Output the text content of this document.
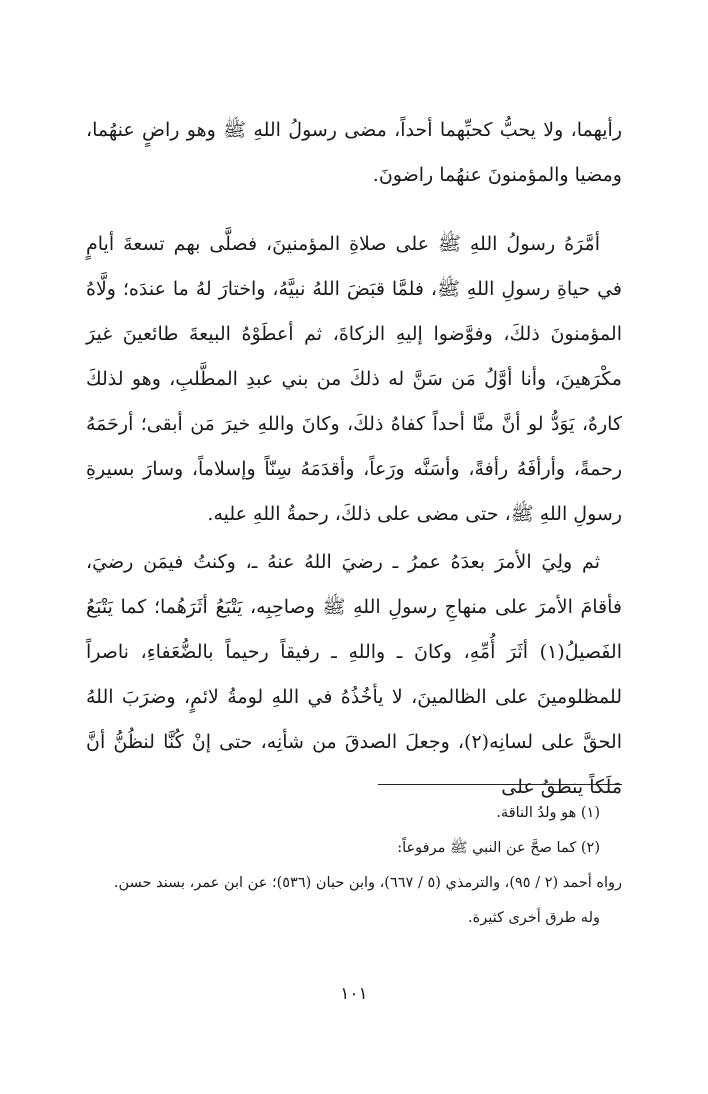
رأيهما، ولا يحبُّ كحبِّهما أحداً، مضى رسولُ اللهِ ﷺ وهو راضٍ عنهُما، ومضيا والمؤمنونَ عنهُما راضونَ.

أمَّرَهُ رسولُ اللهِ ﷺ على صلاةِ المؤمنينَ، فصلَّى بهم تسعةَ أيامٍ في حياةِ رسولِ اللهِ ﷺ، فلمَّا قبَضَ اللهُ نبيَّهُ، واختارَ لهُ ما عندَه؛ ولَّاهُ المؤمنونَ ذلكَ، وفوَّضوا إليهِ الزكاةَ، ثم أعطَوْهُ البيعةَ طائعينَ غيرَ مكْرَهينَ، وأنا أوَّلُ مَن سَنَّ له ذلكَ من بني عبدِ المطَّلبِ، وهو لذلكَ كارهٌ، يَوَدُّ لو أنَّ منَّا أحداً كفاهُ ذلكَ، وكانَ واللهِ خيرَ مَن أبقى؛ أرحَمَهُ رحمةً، وأرأفَهُ رأفةً، وأسَنَّه ورَعاً، وأقدَمَهُ سِنّاً وإسلاماً، وسارَ بسيرةِ رسولِ اللهِ ﷺ، حتى مضى على ذلكَ، رحمةُ اللهِ عليه.

ثم ولِيَ الأمرَ بعدَهُ عمرُ ـ رضيَ اللهُ عنهُ ـ، وكنتُ فيمَن رضيَ، فأقامَ الأمرَ على منهاجِ رسولِ اللهِ ﷺ وصاحِبِه، يَتْبَعُ أثَرَهُما؛ كما يَتْبَعُ الفَصيلُ(١) أثَرَ أُمِّهِ، وكانَ ـ واللهِ ـ رفيقاً رحيماً بالضُّعَفاءِ، ناصراً للمظلومينَ على الظالمينَ، لا يأخُذُهُ في اللهِ لومةُ لائمٍ، وضرَبَ اللهُ الحقَّ على لسانِه(٢)، وجعلَ الصدقَ من شأنِه، حتى إنْ كُنَّا لنظُنُّ أنَّ مَلَكاً ينطقُ على

(١) هو ولدُ الناقة.

(٢) كما صحَّ عن النبي ﷺ مرفوعاً:

رواه أحمد (٢ / ٩٥)، والترمذي (٥ / ٦٦٧)، وابن حبان (٥٣٦)؛ عن ابن عمر، بسند حسن.

وله طرق أخرى كثيرة.

١٠١
